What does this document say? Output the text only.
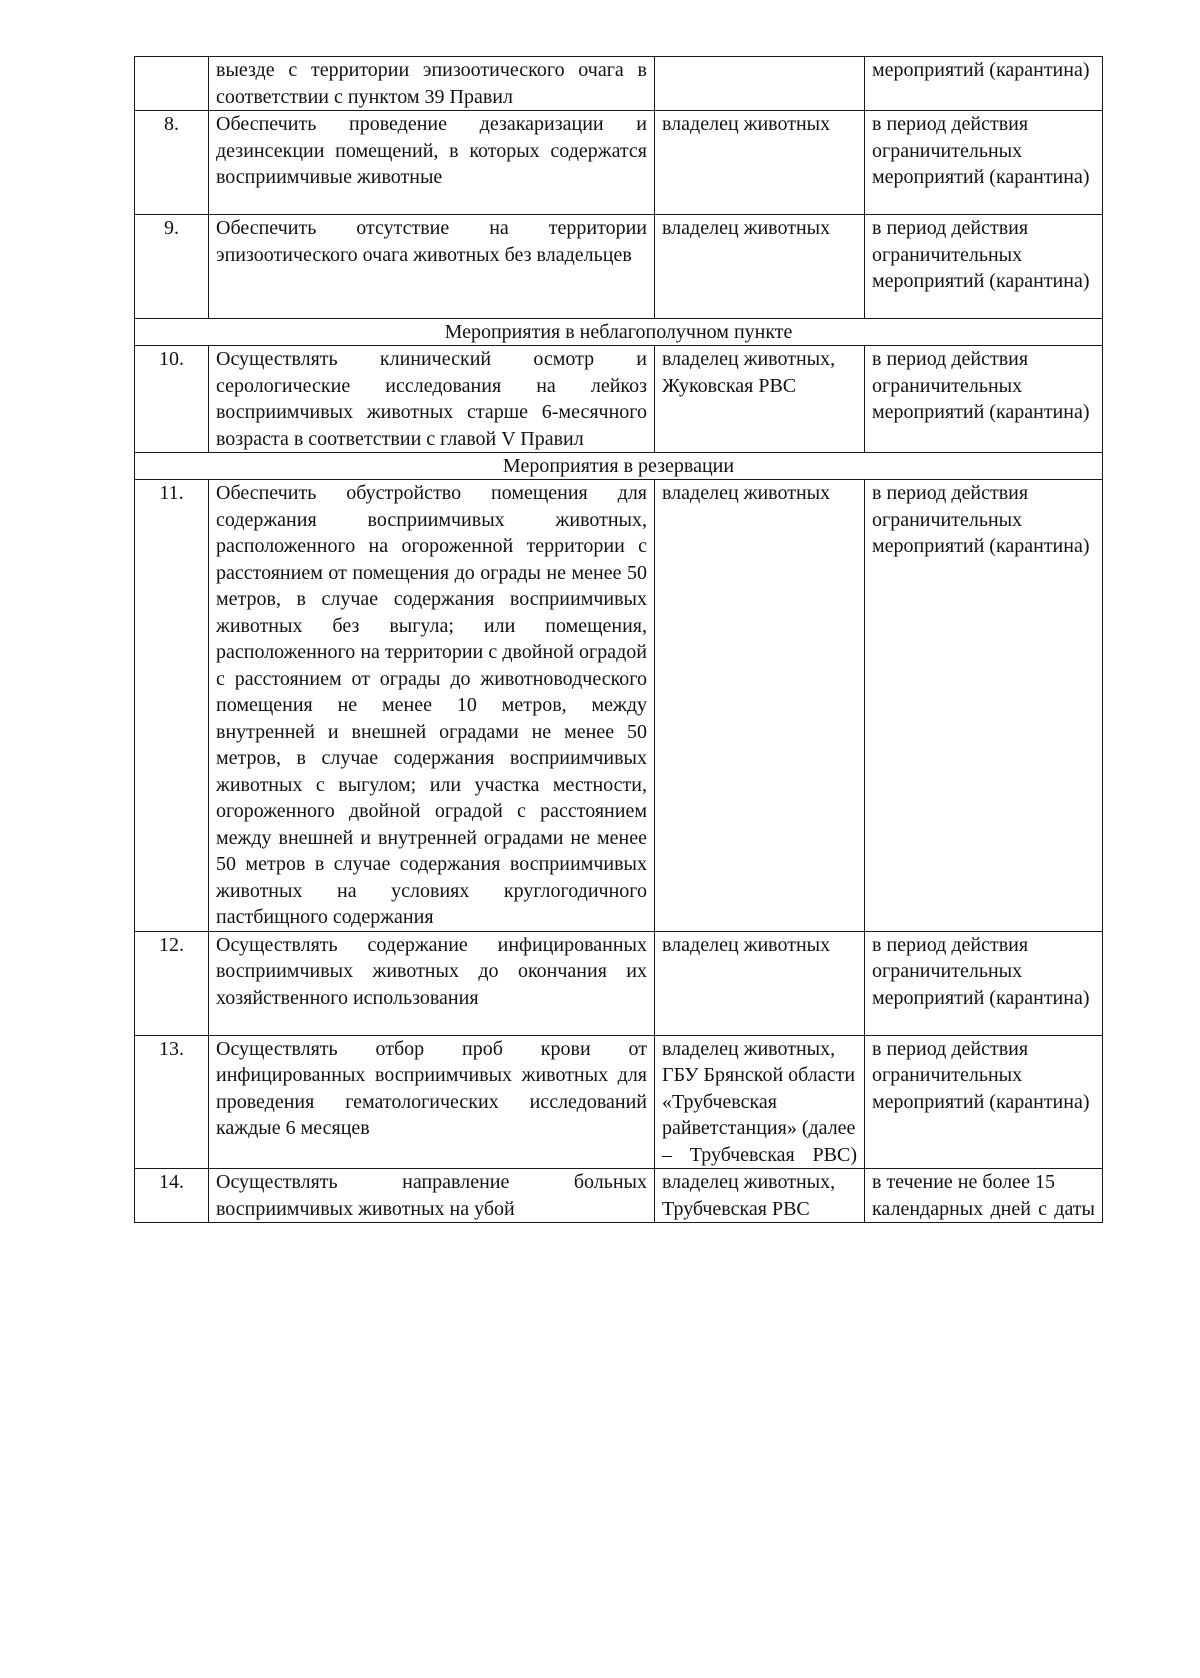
	выезде с территории эпизоотического очага в соответствии с пунктом 39 Правил		мероприятий (карантина)
8.	Обеспечить проведение дезакаризации и дезинсекции помещений, в которых содержатся восприимчивые животные	владелец животных	в период действия ограничительных мероприятий (карантина)
9.	Обеспечить отсутствие на территории эпизоотического очага животных без владельцев	владелец животных	в период действия ограничительных мероприятий (карантина)
Мероприятия в неблагополучном пункте			
10.	Осуществлять клинический осмотр и серологические исследования на лейкоз восприимчивых животных старше 6-месячного возраста в соответствии с главой V Правил	владелец животных, Жуковская РВС	в период действия ограничительных мероприятий (карантина)
Мероприятия в резервации			
11.	Обеспечить обустройство помещения для содержания восприимчивых животных, расположенного на огороженной территории с расстоянием от помещения до ограды не менее 50 метров, в случае содержания восприимчивых животных без выгула; или помещения, расположенного на территории с двойной оградой с расстоянием от ограды до животноводческого помещения не менее 10 метров, между внутренней и внешней оградами не менее 50 метров, в случае содержания восприимчивых животных с выгулом; или участка местности, огороженного двойной оградой с расстоянием между внешней и внутренней оградами не менее 50 метров в случае содержания восприимчивых животных на условиях круглогодичного пастбищного содержания	владелец животных	в период действия ограничительных мероприятий (карантина)
12.	Осуществлять содержание инфицированных восприимчивых животных до окончания их хозяйственного использования	владелец животных	в период действия ограничительных мероприятий (карантина)
13.	Осуществлять отбор проб крови от инфицированных восприимчивых животных для проведения гематологических исследований каждые 6 месяцев	владелец животных, ГБУ Брянской области «Трубчевская райветстанция» (далее – Трубчевская РВС)	в период действия ограничительных мероприятий (карантина)
14.	Осуществлять направление больных восприимчивых животных на убой	владелец животных, Трубчевская РВС	в течение не более 15 календарных дней с даты
